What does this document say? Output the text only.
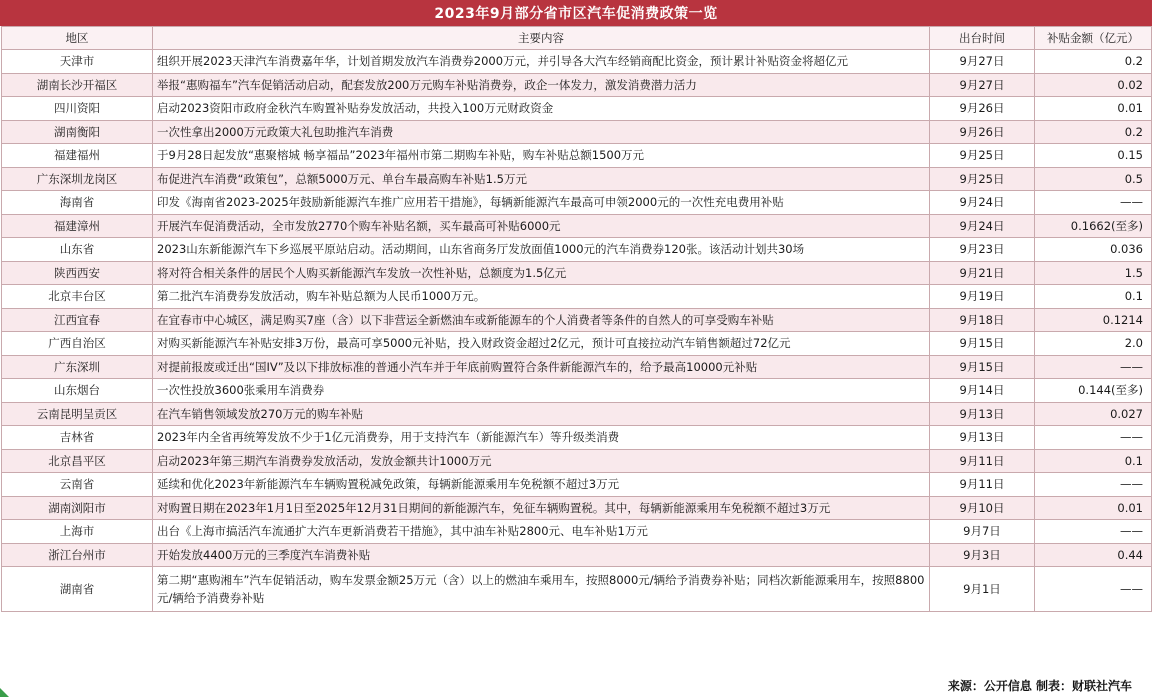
2023年9月部分省市区汽车促消费政策一览
地区	主要内容	出台时间	补贴金额（亿元）
天津市	组织开展2023天津汽车消费嘉年华，计划首期发放汽车消费券2000万元，并引导各大汽车经销商配比资金，预计累计补贴资金将超亿元	9月27日	0.2
湖南长沙开福区	举报“惠购福车”汽车促销活动启动，配套发放200万元购车补贴消费券，政企一体发力，激发消费潜力活力	9月27日	0.02
四川资阳	启动2023资阳市政府金秋汽车购置补贴券发放活动，共投入100万元财政资金	9月26日	0.01
湖南衡阳	一次性拿出2000万元政策大礼包助推汽车消费	9月26日	0.2
福建福州	于9月28日起发放“惠聚榕城 畅享福品”2023年福州市第二期购车补贴，购车补贴总额1500万元	9月25日	0.15
广东深圳龙岗区	布促进汽车消费“政策包”，总额5000万元、单台车最高购车补贴1.5万元	9月25日	0.5
海南省	印发《海南省2023-2025年鼓励新能源汽车推广应用若干措施》，每辆新能源汽车最高可申领2000元的一次性充电费用补贴	9月24日	——
福建漳州	开展汽车促消费活动，全市发放2770个购车补贴名额，买车最高可补贴6000元	9月24日	0.1662(至多)
山东省	2023山东新能源汽车下乡巡展平原站启动。活动期间，山东省商务厅发放面值1000元的汽车消费券120张。该活动计划共30场	9月23日	0.036
陕西西安	将对符合相关条件的居民个人购买新能源汽车发放一次性补贴，总额度为1.5亿元	9月21日	1.5
北京丰台区	第二批汽车消费券发放活动，购车补贴总额为人民币1000万元。	9月19日	0.1
江西宜春	在宜春市中心城区，满足购买7座（含）以下非营运全新燃油车或新能源车的个人消费者等条件的自然人的可享受购车补贴	9月18日	0.1214
广西自治区	对购买新能源汽车补贴安排3万份，最高可享5000元补贴，投入财政资金超过2亿元，预计可直接拉动汽车销售额超过72亿元	9月15日	2.0
广东深圳	对提前报废或迁出“国IV”及以下排放标准的普通小汽车并于年底前购置符合条件新能源汽车的，给予最高10000元补贴	9月15日	——
山东烟台	一次性投放3600张乘用车消费券	9月14日	0.144(至多)
云南昆明呈贡区	在汽车销售领域发放270万元的购车补贴	9月13日	0.027
吉林省	2023年内全省再统筹发放不少于1亿元消费券，用于支持汽车（新能源汽车）等升级类消费	9月13日	——
北京昌平区	启动2023年第三期汽车消费券发放活动，发放金额共计1000万元	9月11日	0.1
云南省	延续和优化2023年新能源汽车车辆购置税减免政策，每辆新能源乘用车免税额不超过3万元	9月11日	——
湖南浏阳市	对购置日期在2023年1月1日至2025年12月31日期间的新能源汽车，免征车辆购置税。其中，每辆新能源乘用车免税额不超过3万元	9月10日	0.01
上海市	出台《上海市搞活汽车流通扩大汽车更新消费若干措施》，其中油车补贴2800元、电车补贴1万元	9月7日	——
浙江台州市	开始发放4400万元的三季度汽车消费补贴	9月3日	0.44
湖南省	第二期“惠购湘车”汽车促销活动，购车发票金额25万元（含）以上的燃油车乘用车，按照8000元/辆给予消费券补贴；同档次新能源乘用车，按照8800元/辆给予消费券补贴	9月1日	——
来源：公开信息 制表：财联社汽车
